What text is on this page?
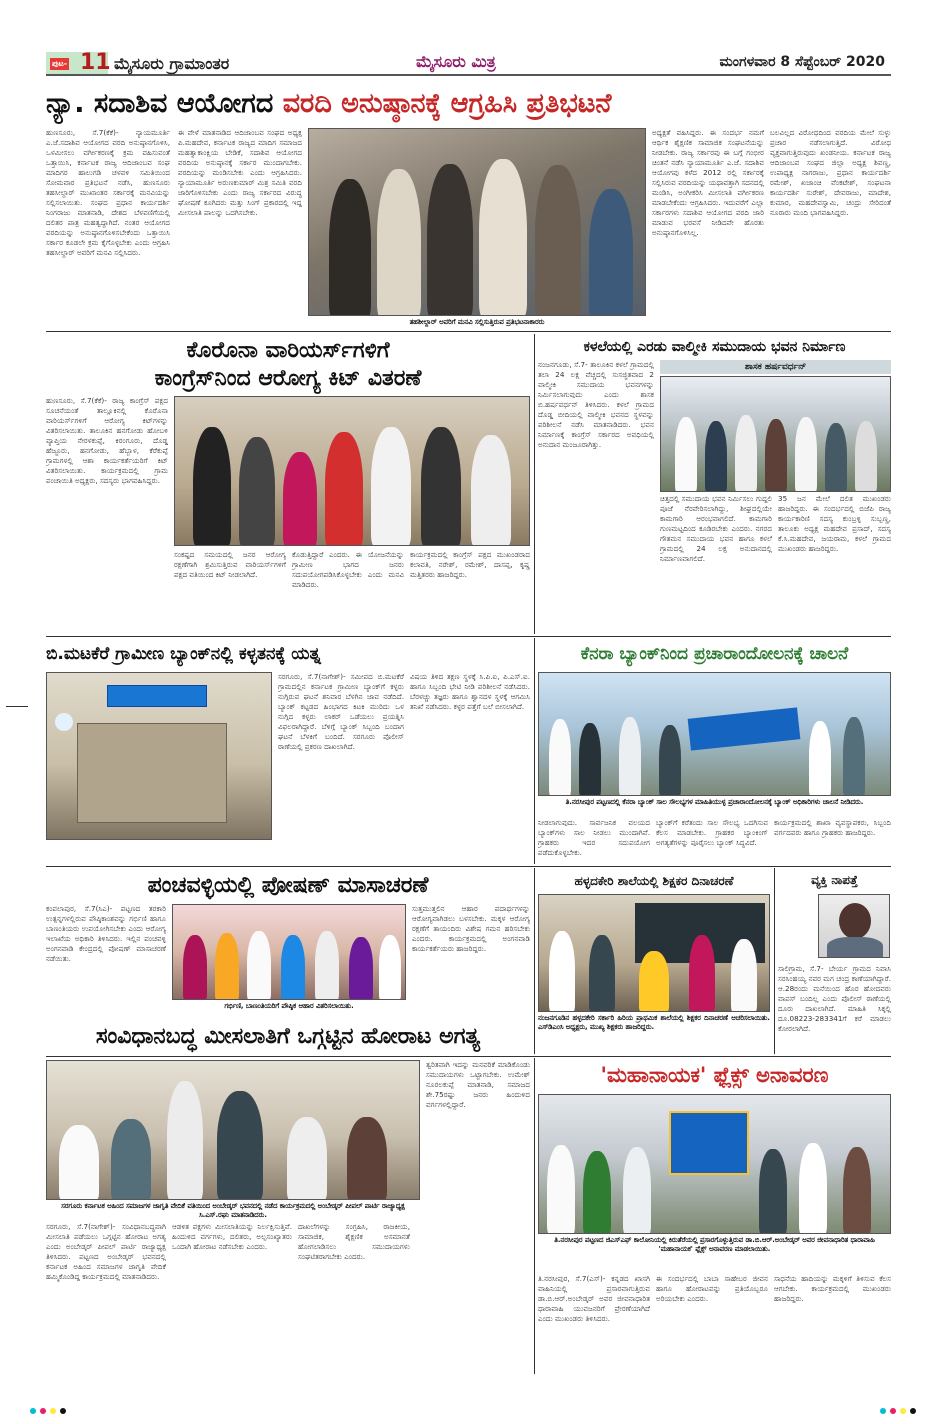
ಪುಟ- 11 ಮೈಸೂರು ಗ್ರಾಮಾಂತರ	ಮೈಸೂರು ಮಿತ್ರ	ಮಂಗಳವಾರ 8 ಸೆಪ್ಟೆಂಬರ್ 2020
ನ್ಯಾ. ಸದಾಶಿವ ಆಯೋಗದ ವರದಿ ಅನುಷ್ಠಾನಕ್ಕೆ ಆಗ್ರಹಿಸಿ ಪ್ರತಿಭಟನೆ
ಹುಣಸೂರು, ಸೆ.7(ಕೆಕೆ)- ನ್ಯಾಯಮೂರ್ತಿ ಎ.ಜೆ.ಸದಾಶಿವ ಆಯೋಗದ ವರದಿ ಅನುಷ್ಠಾನಗೊಳಿಸಿ, ಒಳಮೀಸಲು ವರ್ಗೀಕರಣಕ್ಕೆ ಕ್ರಮ ವಹಿಸುವಂತೆ ಒತ್ತಾಯಿಸಿ, ಕರ್ನಾಟಕ ರಾಜ್ಯ ಆದಿಜಾಂಬವ ಸಂಘ ಮಾದಿಗರ ಹಾಲುಗಡಿ ಚಳವಳಿ ಸಮಿತಿಯಿಂದ ಸೋಮವಾರ ಪ್ರತಿಭಟನೆ ನಡೆಸಿ, ಹುಣಸೂರು ತಹಸೀಲ್ದಾರ್ ಮುಖಾಂತರ ಸರ್ಕಾರಕ್ಕೆ ಮನವಿಯನ್ನು ಸಲ್ಲಿಸಲಾಯಿತು. ಸಂಘದ ಪ್ರಧಾನ ಕಾರ್ಯದರ್ಶಿ ನಿಂಗರಾಜು ಮಾತನಾಡಿ, ದೇಶದ ಬೆಳವಣಿಗೆಯಲ್ಲಿ ದಲಿತರ ಪಾತ್ರ ಮಹತ್ವದ್ದಾಗಿದೆ. ನಂತರ ಆಯೋಗದ ವರದಿಯನ್ನು ಅನುಷ್ಠಾನಗೊಳಿಸಬೇಕೆಂದು ಒತ್ತಾಯಿಸಿ ಸರ್ಕಾರ ಕೂಡಲೇ ಕ್ರಮ ಕೈಗೊಳ್ಳಬೇಕು ಎಂದು ಆಗ್ರಹಿಸಿ ತಹಸೀಲ್ದಾರ್ ಅವರಿಗೆ ಮನವಿ ಸಲ್ಲಿಸಿದರು.
ಈ ವೇಳೆ ಮಾತನಾಡಿದ ಆದಿಜಾಂಬವ ಸಂಘದ ಅಧ್ಯಕ್ಷ ಪಿ.ಮಹದೇವ, ಕರ್ನಾಟಕ ರಾಜ್ಯದ ಮಾದಿಗ ಸಮಾಜದ ಮಹತ್ವಾಕಾಂಕ್ಷಿಯ ಬೇಡಿಕೆ, ಸದಾಶಿವ ಆಯೋಗದ ವರದಿಯ ಅನುಷ್ಠಾನಕ್ಕೆ ಸರ್ಕಾರ ಮುಂದಾಗಬೇಕು. ವರದಿಯನ್ನು ಮಂಡಿಸಬೇಕು ಎಂದು ಆಗ್ರಹಿಸಿದರು. ನ್ಯಾಯಾಮೂರ್ತಿ ಅರುಣಕುಮಾರ್ ಮಿಶ್ರ ಸಮಿತಿ ವರದಿ ಜಾರಿಗೊಳಿಸಬೇಕು ಎಂದು ರಾಜ್ಯ ಸರ್ಕಾರದ ವಿರುದ್ಧ ಘೋಷಣೆ ಕೂಗಿದರು ಮತ್ತು ಸಿಂಗ್ ಪ್ರಕಾರದಲ್ಲಿ ಇದ್ದ ಮೀಸಲಾತಿ ಪಾಲನ್ನು ಒದಗಿಸಬೇಕು.
ತಹಶೀಲ್ದಾರ್ ಅವರಿಗೆ ಮನವಿ ಸಲ್ಲಿಸುತ್ತಿರುವ ಪ್ರತಿಭಟನಾಕಾರರು
ಅಧ್ಯಕ್ಷತೆ ವಹಿಸಿದ್ದರು. ಈ ಸಂದರ್ಭ ನಮಗೆ ಆರ್ಥಿಕ ಶೈಕ್ಷಣಿಕ ಸಾಮಾಜಿಕ ಸಂಘಟನೆಯನ್ನು ನೀಡಬೇಕು. ರಾಜ್ಯ ಸರ್ಕಾರವು ಈ ಬಗ್ಗೆ ಗಂಭೀರ ಚಿಂತನೆ ನಡೆಸಿ ನ್ಯಾಯಾಮೂರ್ತಿ ಎ.ಜೆ. ಸದಾಶಿವ ಆಯೋಗವು ಕಳೆದ 2012 ರಲ್ಲಿ ಸರ್ಕಾರಕ್ಕೆ ಸಲ್ಲಿಸಿರುವ ವರದಿಯನ್ನು ಯಥಾವತ್ತಾಗಿ ಸದನದಲ್ಲಿ ಮಂಡಿಸಿ, ಅಂಗೀಕರಿಸಿ ಮೀಸಲಾತಿ ವರ್ಗೀಕರಣ ಮಾಡಬೇಕೆಂದು ಆಗ್ರಹಿಸಿದರು. ಇದುವರೆಗೆ ಎಲ್ಲಾ ಸರ್ಕಾರಗಳು ಸದಾಶಿವ ಆಯೋಗದ ವರದಿ ಜಾರಿ ಮಾಡುವ ಭರವಸೆ ನೀಡಿದವೇ ಹೊರತು ಅನುಷ್ಠಾನಗೊಳಿಸಿಲ್ಲ.
ಬಲವಿಲ್ಲದ ವಿರೋಧದಿಂದ ವರದಿಯ ಮೇಲೆ ಸುಳ್ಳು ಪ್ರಚಾರ ನಡೆಸಲಾಗುತ್ತಿದೆ. ವಿರೋಧ ವ್ಯಕ್ತವಾಗುತ್ತಿರುವುದು ಖಂಡನೀಯ. ಕರ್ನಾಟಕ ರಾಜ್ಯ ಆದಿಜಾಂಬವ ಸಂಘದ ಜಿಲ್ಲಾ ಅಧ್ಯಕ್ಷ ಶಿವಣ್ಣ, ಉಪಾಧ್ಯಕ್ಷ ನಾಗರಾಜು, ಪ್ರಧಾನ ಕಾರ್ಯದರ್ಶಿ ರಮೇಶ್, ಖಜಾಂಚಿ ವೆಂಕಟೇಶ್, ಸಂಘಟನಾ ಕಾರ್ಯದರ್ಶಿ ಸುರೇಶ್, ದೇವರಾಜು, ಮಾದೇಶ, ಕುಮಾರ, ಮಹದೇವಸ್ವಾಮಿ, ಚಂದ್ರು ಸೇರಿದಂತೆ ನೂರಾರು ಮಂದಿ ಭಾಗವಹಿಸಿದ್ದರು.
ಕೊರೊನಾ ವಾರಿಯರ್ಸ್‌ಗಳಿಗೆ
ಕಾಂಗ್ರೆಸ್‌ನಿಂದ ಆರೋಗ್ಯ ಕಿಟ್ ವಿತರಣೆ
ಹುಣಸೂರು, ಸೆ.7(ಕೆಕೆ)- ರಾಜ್ಯ ಕಾಂಗ್ರೆಸ್ ಪಕ್ಷದ ಸೂಚನೆಯಂತೆ ತಾಲ್ಲೂಕಿನಲ್ಲಿ ಕೊರೊನಾ ವಾರಿಯರ್ಸ್‌ಗಳಿಗೆ ಆರೋಗ್ಯ ಕಿಟ್‌ಗಳನ್ನು ವಿತರಿಸಲಾಯಿತು. ತಾಲೂಕಿನ ಹನಗೋಡು ಹೋಬಳಿ ವ್ಯಾಪ್ತಿಯ ನೇರಳಕುಪ್ಪೆ, ಕಿರಂಗೂರು, ದೊಡ್ಡ ಹೆಜ್ಜೂರು, ಹನಗೋಡು, ಹೆಬ್ಬಾಳ, ಕೆರೆಕುಪ್ಪೆ ಗ್ರಾಮಗಳಲ್ಲಿ ಆಶಾ ಕಾರ್ಯಕರ್ತೆಯರಿಗೆ ಕಿಟ್ ವಿತರಿಸಲಾಯಿತು. ಕಾರ್ಯಕ್ರಮದಲ್ಲಿ ಗ್ರಾಮ ಪಂಚಾಯಿತಿ ಅಧ್ಯಕ್ಷರು, ಸದಸ್ಯರು ಭಾಗವಹಿಸಿದ್ದರು.
ಸಂಕಷ್ಟದ ಸಮಯದಲ್ಲಿ ಜನರ ಆರೋಗ್ಯ ರಕ್ಷಣೆಗಾಗಿ ಶ್ರಮಿಸುತ್ತಿರುವ ವಾರಿಯರ್ಸ್‌ಗಳಿಗೆ ಪಕ್ಷದ ವತಿಯಿಂದ ಕಿಟ್ ನೀಡಲಾಗಿದೆ.
ಕೊಡುತ್ತಿದ್ದಾರೆ ಎಂದರು. ಈ ಯೋಜನೆಯನ್ನು ಗ್ರಾಮೀಣ ಭಾಗದ ಜನರು ಸದುಪಯೋಗಪಡಿಸಿಕೊಳ್ಳಬೇಕು ಎಂದು ಮನವಿ ಮಾಡಿದರು.
ಕಾರ್ಯಕ್ರಮದಲ್ಲಿ ಕಾಂಗ್ರೆಸ್ ಪಕ್ಷದ ಮುಖಂಡರಾದ ಕಲಾವತಿ, ನರೇಶ್, ರಮೇಶ್, ದಾಸಪ್ಪ, ಕೃಷ್ಣ ಮತ್ತಿತರರು ಹಾಜರಿದ್ದರು.
ಕಳಲೆಯಲ್ಲಿ ಎರಡು ವಾಲ್ಮೀಕಿ ಸಮುದಾಯ ಭವನ ನಿರ್ಮಾಣ
ನಂಜನಗೂಡು, ಸೆ.7- ತಾಲೂಕಿನ ಕಳಲೆ ಗ್ರಾಮದಲ್ಲಿ ತಲಾ 24 ಲಕ್ಷ ವೆಚ್ಚದಲ್ಲಿ ಸುಸಜ್ಜಿತವಾದ 2 ವಾಲ್ಮೀಕಿ ಸಮುದಾಯ ಭವನಗಳನ್ನು ನಿರ್ಮಿಸಲಾಗುವುದು ಎಂದು ಶಾಸಕ ಬಿ.ಹರ್ಷವರ್ಧನ್ ತಿಳಿಸಿದರು. ಕಳಲೆ ಗ್ರಾಮದ ದೊಡ್ಡ ಬೀದಿಯಲ್ಲಿ ವಾಲ್ಮೀಕಿ ಭವನದ ಸ್ಥಳವನ್ನು ಪರಿಶೀಲನೆ ನಡೆಸಿ ಮಾತನಾಡಿದರು. ಭವನ ನಿರ್ಮಾಣಕ್ಕೆ ಕಾಂಗ್ರೆಸ್ ಸರ್ಕಾರದ ಅವಧಿಯಲ್ಲಿ ಅನುದಾನ ಮಂಜೂರಾಗಿತ್ತು.
ಶಾಸಕ ಹರ್ಷವರ್ಧನ್
ಚಿತ್ತದಲ್ಲಿ ಸಮುದಾಯ ಭವನ ನಿರ್ಮಿಸಲು ಗುದ್ದಲಿ ಪೂಜೆ ನೆರವೇರಿಸಲಾಗಿದ್ದು, ಶೀಘ್ರದಲ್ಲಿಯೇ ಕಾಮಗಾರಿ ಆರಂಭವಾಗಲಿದೆ. ಕಾಮಗಾರಿ ಗುಣಮಟ್ಟದಿಂದ ಕೂಡಿರಬೇಕು ಎಂದರು. ನಗರದ ಗೌತಮನ ಸಮುದಾಯ ಭವನ ಹಾಗೂ ಕಳಲೆ ಗ್ರಾಮದಲ್ಲಿ 24 ಲಕ್ಷ ಅನುದಾನದಲ್ಲಿ ನಿರ್ಮಾಣವಾಗಲಿದೆ.
35 ಜನ ಮೇಲೆ ದಲಿತ ಮುಖಂಡರು ಹಾಜರಿದ್ದರು. ಈ ಸಂದರ್ಭದಲ್ಲಿ ಬಿಜೆಪಿ ರಾಜ್ಯ ಕಾರ್ಯಕಾರಿಣಿ ಸದಸ್ಯ ಕುಂಬ್ರಳ್ಳಿ ಸುಬ್ಬಣ್ಣ, ತಾಲೂಕು ಅಧ್ಯಕ್ಷ ಮಹದೇವ ಪ್ರಸಾದ್, ಸದಸ್ಯ ಕೆ.ಸಿ.ಮಹದೇವ, ಜಯರಾಮ, ಕಳಲೆ ಗ್ರಾಮದ ಮುಖಂಡರು ಹಾಜರಿದ್ದರು.
ಬಿ.ಮಟಕೆರೆ ಗ್ರಾಮೀಣ ಬ್ಯಾಂಕ್‌ನಲ್ಲಿ ಕಳ್ಳತನಕ್ಕೆ ಯತ್ನ
ಸರಗೂರು, ಸೆ.7(ನಾಗೇಶ್)- ಸಮೀಪದ ಬಿ.ಮಟಕೆರೆ ಗ್ರಾಮದಲ್ಲಿನ ಕರ್ನಾಟಕ ಗ್ರಾಮೀಣ ಬ್ಯಾಂಕ್‌ಗೆ ಕಳ್ಳರು ನುಗ್ಗಿರುವ ಘಟನೆ ಶನಿವಾರ ಬೆಳಗಿನ ಜಾವ ನಡೆದಿದೆ. ಬ್ಯಾಂಕ್ ಕಟ್ಟಡದ ಹಿಂಭಾಗದ ಕಿಟಕಿ ಮುರಿದು ಒಳ ನುಗ್ಗಿದ ಕಳ್ಳರು ಲಾಕರ್ ಒಡೆಯಲು ಪ್ರಯತ್ನಿಸಿ ವಿಫಲರಾಗಿದ್ದಾರೆ. ಬೆಳಿಗ್ಗೆ ಬ್ಯಾಂಕ್ ಸಿಬ್ಬಂದಿ ಬಂದಾಗ ಘಟನೆ ಬೆಳಕಿಗೆ ಬಂದಿದೆ. ಸರಗೂರು ಪೊಲೀಸ್ ಠಾಣೆಯಲ್ಲಿ ಪ್ರಕರಣ ದಾಖಲಾಗಿದೆ.
ವಿಷಯ ತಿಳಿದ ತಕ್ಷಣ ಸ್ಥಳಕ್ಕೆ ಸಿ.ಪಿ.ಐ, ಪಿ.ಎಸ್.ಐ. ಹಾಗೂ ಸಿಬ್ಬಂದಿ ಭೇಟಿ ನೀಡಿ ಪರಿಶೀಲನೆ ನಡೆಸಿದರು. ಬೆರಳಚ್ಚು ತಜ್ಞರು ಹಾಗೂ ಶ್ವಾನದಳ ಸ್ಥಳಕ್ಕೆ ಆಗಮಿಸಿ ತನಿಖೆ ನಡೆಸಿದರು. ಕಳ್ಳರ ಪತ್ತೆಗೆ ಬಲೆ ಬೀಸಲಾಗಿದೆ.
ಕೆನರಾ ಬ್ಯಾಂಕ್‌ನಿಂದ ಪ್ರಚಾರಾಂದೋಲನಕ್ಕೆ ಚಾಲನೆ
ತಿ.ನರಸೀಪುರ ಪಟ್ಟಣದಲ್ಲಿ ಕೆನರಾ ಬ್ಯಾಂಕ್ ಸಾಲ ಸೌಲಭ್ಯಗಳ ಮಾಹಿತಿಯುಳ್ಳ ಪ್ರಚಾರಾಂದೋಲನಕ್ಕೆ ಬ್ಯಾಂಕ್ ಅಧಿಕಾರಿಗಳು ಚಾಲನೆ ನೀಡಿದರು.
ನೀಡಲಾಗುವುದು. ಸಾರ್ವಜನಿಕ ವಲಯದ ಬ್ಯಾಂಕ್‌ಗಳು ಸಾಲ ನೀಡಲು ಮುಂದಾಗಿವೆ. ಗ್ರಾಹಕರು ಇದರ ಸದುಪಯೋಗ ಪಡೆದುಕೊಳ್ಳಬೇಕು.
ಬ್ಯಾಂಕ್‌ಗೆ ಕರೆತಂದು ಸಾಲ ಸೌಲಭ್ಯ ಒದಗಿಸುವ ಕೆಲಸ ಮಾಡಬೇಕು. ಗ್ರಾಹಕರ ಬ್ಯಾಂಕಿಂಗ್ ಅಗತ್ಯತೆಗಳನ್ನು ಪೂರೈಸಲು ಬ್ಯಾಂಕ್ ಸಿದ್ಧವಿದೆ.
ಕಾರ್ಯಕ್ರಮದಲ್ಲಿ ಶಾಖಾ ವ್ಯವಸ್ಥಾಪಕರು, ಸಿಬ್ಬಂದಿ ವರ್ಗದವರು ಹಾಗೂ ಗ್ರಾಹಕರು ಹಾಜರಿದ್ದರು.
ಪಂಚವಳ್ಳಿಯಲ್ಲಿ ಪೋಷಣ್ ಮಾಸಾಚರಣೆ
ಕಂಪಲಾಪುರ, ಸೆ.7(ಸಿಎ)- ಪಟ್ಟಣದ ತರಕಾರಿ ಉತ್ಪನ್ನಗಳಲ್ಲಿರುವ ಪೌಷ್ಠಿಕಾಂಶವನ್ನು ಗರ್ಭಿಣಿ ಹಾಗೂ ಬಾಣಂತಿಯರು ಉಪಯೋಗಿಸಬೇಕು ಎಂದು ಆರೋಗ್ಯ ಇಲಾಖೆಯ ಅಧಿಕಾರಿ ತಿಳಿಸಿದರು. ಇಲ್ಲಿನ ಪಂಚವಳ್ಳಿ ಅಂಗನವಾಡಿ ಕೇಂದ್ರದಲ್ಲಿ ಪೋಷಣ್ ಮಾಸಾಚರಣೆ ನಡೆಯಿತು.
ಗರ್ಭಿಣಿ, ಬಾಣಂತಿಯರಿಗೆ ಪೌಷ್ಠಿಕ ಆಹಾರ ವಿತರಿಸಲಾಯಿತು.
ಸುತ್ತಮುತ್ತಲಿನ ಆಹಾರ ಪದಾರ್ಥಗಳನ್ನು ಆರೋಗ್ಯವಾಗಿಡಲು ಬಳಸಬೇಕು. ಮಕ್ಕಳ ಆರೋಗ್ಯ ರಕ್ಷಣೆಗೆ ತಾಯಂದಿರು ವಿಶೇಷ ಗಮನ ಹರಿಸಬೇಕು ಎಂದರು. ಕಾರ್ಯಕ್ರಮದಲ್ಲಿ ಅಂಗನವಾಡಿ ಕಾರ್ಯಕರ್ತೆಯರು ಹಾಜರಿದ್ದರು.
ಹಳ್ಳದಕೇರಿ ಶಾಲೆಯಲ್ಲಿ ಶಿಕ್ಷಕರ ದಿನಾಚರಣೆ
ನಂಜನಗೂಡಿನ ಹಳ್ಳದಕೇರಿ ಸರ್ಕಾರಿ ಹಿರಿಯ ಪ್ರಾಥಮಿಕ ಶಾಲೆಯಲ್ಲಿ ಶಿಕ್ಷಕರ ದಿನಾಚರಣೆ ಆಚರಿಸಲಾಯಿತು. ಎಸ್‌ಡಿಎಂಸಿ ಅಧ್ಯಕ್ಷರು, ಮುಖ್ಯ ಶಿಕ್ಷಕರು ಹಾಜರಿದ್ದರು.
ವ್ಯಕ್ತಿ ನಾಪತ್ತೆ
ಸಾಲಿಗ್ರಾಮ, ಸೆ.7- ಬೇರ್ಯ ಗ್ರಾಮದ ನಿವಾಸಿ ಸರಸಿಂಹಯ್ಯ ನವರ ಮಗ ಚಂದ್ರ ಕಾಣೆಯಾಗಿದ್ದಾರೆ. ಆ.28ರಂದು ಮನೆಯಿಂದ ಹೊರ ಹೋದವರು ವಾಪಸ್ ಬಂದಿಲ್ಲ ಎಂದು ಪೊಲೀಸ್ ಠಾಣೆಯಲ್ಲಿ ದೂರು ದಾಖಲಾಗಿದೆ. ಮಾಹಿತಿ ಸಿಕ್ಕಲ್ಲಿ ದೂ.08223-283341ಗೆ ಕರೆ ಮಾಡಲು ಕೋರಲಾಗಿದೆ.
ಸಂವಿಧಾನಬದ್ಧ ಮೀಸಲಾತಿಗೆ ಒಗ್ಗಟ್ಟಿನ ಹೋರಾಟ ಅಗತ್ಯ
ತ್ವರಿತವಾಗಿ ಇದನ್ನು ಮನವರಿಕೆ ಮಾಡಿಕೊಂಡು ಸಮುದಾಯಗಳು ಒಟ್ಟಾಗಬೇಕು. ಉಮೇಶ್ ನೂರಲಕುಪ್ಪೆ ಮಾತನಾಡಿ, ಸಮಾಜದ ಶೇ.75ರಷ್ಟು ಜನರು ಹಿಂದುಳಿದ ವರ್ಗಗಳಲ್ಲಿದ್ದಾರೆ.
ಸರಗೂರು ಕರ್ನಾಟಕ ಅಹಿಂದ ಸಮಾಜಗಳ ಜಾಗೃತಿ ವೇದಿಕೆ ವತಿಯಿಂದ ಅಂಬೇಡ್ಕರ್ ಭವನದಲ್ಲಿ ನಡೆದ ಕಾರ್ಯಕ್ರಮದಲ್ಲಿ ಅಂಬೇಡ್ಕರ್ ಪೀಪಲ್ ಪಾರ್ಟಿ ರಾಜ್ಯಾಧ್ಯಕ್ಷ ಸಿ.ಎಸ್.ರಘು ಮಾತನಾಡಿದರು.
ಸರಗೂರು, ಸೆ.7(ನಾಗೇಶ್)- ಸಂವಿಧಾನಬದ್ಧವಾಗಿ ಮೀಸಲಾತಿ ಪಡೆಯಲು ಒಗ್ಗಟ್ಟಿನ ಹೋರಾಟ ಅಗತ್ಯ ಎಂದು ಅಂಬೇಡ್ಕರ್ ಪೀಪಲ್ ಪಾರ್ಟಿ ರಾಜ್ಯಾಧ್ಯಕ್ಷ ತಿಳಿಸಿದರು. ಪಟ್ಟಣದ ಅಂಬೇಡ್ಕರ್ ಭವನದಲ್ಲಿ ಕರ್ನಾಟಕ ಅಹಿಂದ ಸಮಾಜಗಳ ಜಾಗೃತಿ ವೇದಿಕೆ ಹಮ್ಮಿಕೊಂಡಿದ್ದ ಕಾರ್ಯಕ್ರಮದಲ್ಲಿ ಮಾತನಾಡಿದರು.
ಆಡಳಿತ ಪಕ್ಷಗಳು ಮೀಸಲಾತಿಯನ್ನು ನಿರ್ಲಕ್ಷಿಸುತ್ತಿವೆ. ಹಿಂದುಳಿದ ವರ್ಗಗಳು, ದಲಿತರು, ಅಲ್ಪಸಂಖ್ಯಾತರು ಒಂದಾಗಿ ಹೋರಾಟ ನಡೆಸಬೇಕು ಎಂದರು.
ದಾಖಲೆಗಳನ್ನು ಸಂಗ್ರಹಿಸಿ, ರಾಜಕೀಯ, ಸಾಮಾಜಿಕ, ಶೈಕ್ಷಣಿಕ ಅಸಮಾನತೆ ಹೋಗಲಾಡಿಸಲು ಸಮುದಾಯಗಳು ಸಂಘಟಿತರಾಗಬೇಕು ಎಂದರು.
'ಮಹಾನಾಯಕ' ಫ್ಲೆಕ್ಸ್ ಅನಾವರಣ
ತಿ.ನರಸೀಪುರ ಪಟ್ಟಣದ ಜಿಎಸ್‌ಎಫ್ ಕಾಲೋನಿಯಲ್ಲಿ ಕಿರುತೆರೆಯಲ್ಲಿ ಪ್ರಸಾರಗೊಳ್ಳುತ್ತಿರುವ ಡಾ.ಬಿ.ಆರ್.ಅಂಬೇಡ್ಕರ್ ಅವರ ಜೀವನಾಧಾರಿತ ಧಾರಾವಾಹಿ 'ಮಹಾನಾಯಕ' ಫ್ಲೆಕ್ಸ್ ಅನಾವರಣ ಮಾಡಲಾಯಿತು.
ತಿ.ನರಸೀಪುರ, ಸೆ.7(ಎಸ್)- ಕನ್ನಡದ ಖಾಸಗಿ ವಾಹಿನಿಯಲ್ಲಿ ಪ್ರಸಾರವಾಗುತ್ತಿರುವ ಡಾ.ಬಿ.ಆರ್.ಅಂಬೇಡ್ಕರ್ ಅವರ ಜೀವನಾಧಾರಿತ ಧಾರಾವಾಹಿ ಯುವಜನರಿಗೆ ಪ್ರೇರಣೆಯಾಗಿದೆ ಎಂದು ಮುಖಂಡರು ತಿಳಿಸಿದರು.
ಈ ಸಂದರ್ಭದಲ್ಲಿ ಬಾಬಾ ಸಾಹೇಬರ ಜೀವನ ಹಾಗೂ ಹೋರಾಟವನ್ನು ಪ್ರತಿಯೊಬ್ಬರೂ ಅರಿಯಬೇಕು ಎಂದರು.
ಸಾಧನೆಯ ಹಾದಿಯನ್ನು ಮಕ್ಕಳಿಗೆ ತಿಳಿಸುವ ಕೆಲಸ ಆಗಬೇಕು. ಕಾರ್ಯಕ್ರಮದಲ್ಲಿ ಮುಖಂಡರು ಹಾಜರಿದ್ದರು.
